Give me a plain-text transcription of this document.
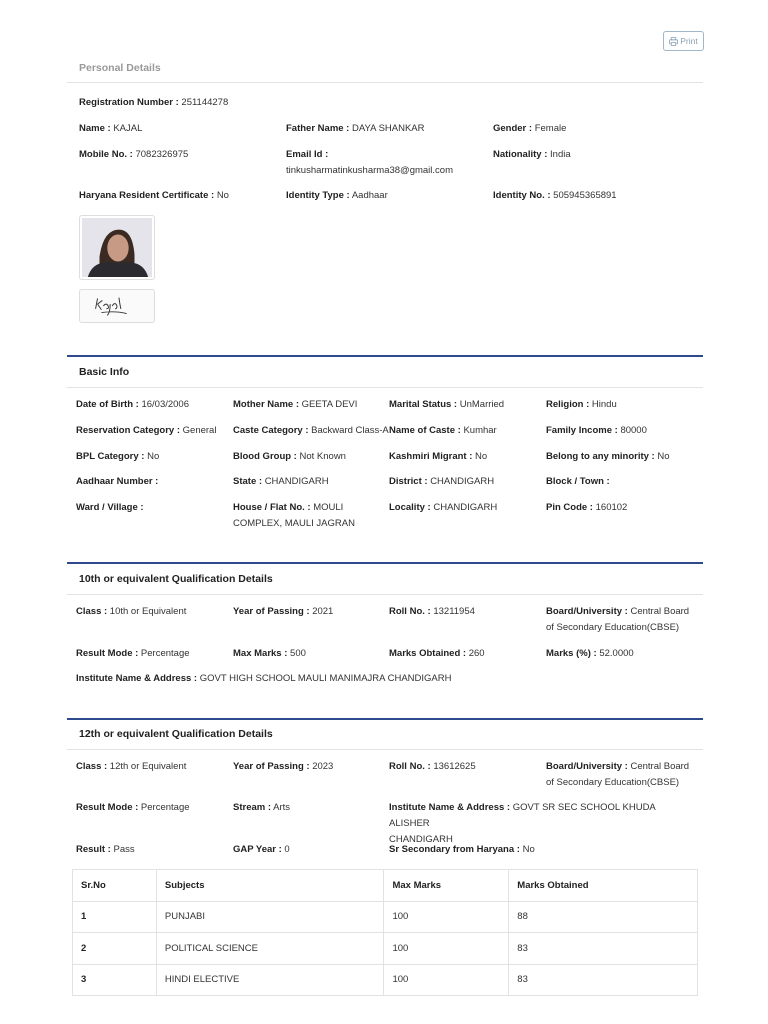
Print
Personal Details
Registration Number : 251144278
Name : KAJAL	Father Name : DAYA SHANKAR	Gender : Female
Mobile No. : 7082326975	Email Id :
tinkusharmatinkusharma38@gmail.com
Nationality : India
Haryana Resident Certificate : No	Identity Type : Aadhaar	Identity No. : 505945365891
Basic Info
Date of Birth : 16/03/2006	Mother Name : GEETA DEVI	Marital Status : UnMarried	Religion : Hindu
Reservation Category : General Caste Category : Backward Class-A Name of Caste : Kumhar	Family Income : 80000
BPL Category : No	Blood Group : Not Known	Kashmiri Migrant : No	Belong to any minority : No
Aadhaar Number :	State : CHANDIGARH	District : CHANDIGARH	Block / Town :
Ward / Village :	House / Flat No. : MOULI
COMPLEX, MAULI JAGRAN
Locality : CHANDIGARH	Pin Code : 160102
10th or equivalent Qualification Details
Class : 10th or Equivalent	Year of Passing : 2021	Roll No. : 13211954	Board/University : Central Board
of Secondary Education(CBSE)
Result Mode : Percentage	Max Marks : 500	Marks Obtained : 260	Marks (%) : 52.0000
Institute Name & Address : GOVT HIGH SCHOOL MAULI MANIMAJRA CHANDIGARH
12th or equivalent Qualification Details
Class : 12th or Equivalent	Year of Passing : 2023	Roll No. : 13612625	Board/University : Central Board
of Secondary Education(CBSE)
Result Mode : Percentage	Stream : Arts	Institute Name & Address : GOVT SR SEC SCHOOL KHUDA ALISHER
CHANDIGARH
Result : Pass	GAP Year : 0	Sr Secondary from Haryana : No
Sr.No	Subjects	Max Marks	Marks Obtained
1	PUNJABI	100	88
2	POLITICAL SCIENCE	100	83
3	HINDI ELECTIVE	100	83
